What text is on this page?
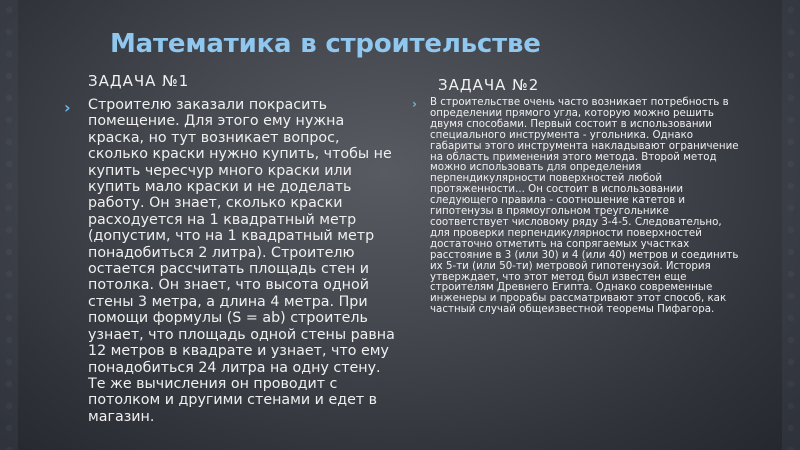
Математика в строительстве
ЗАДАЧА №1	ЗАДАЧА №2
›	Строителю заказали покрасить помещение. Для этого ему нужна краска, но тут возникает вопрос, сколько краски нужно купить, чтобы не купить чересчур много краски или купить мало краски и не доделать работу. Он знает, сколько краски расходуется на 1 квадратный метр (допустим, что на 1 квадратный метр понадобиться 2 литра). Строителю остается рассчитать площадь стен и потолка. Он знает, что высота одной стены 3 метра, а длина 4 метра. При помощи формулы (S = ab) строитель узнает, что площадь одной стены равна 12 метров в квадрате и узнает, что ему понадобиться 24 литра на одну стену. Те же вычисления он проводит с потолком и другими стенами и едет в магазин.

›	В строительстве очень часто возникает потребность в определении прямого угла, которую можно решить двумя способами. Первый состоит в использовании специального инструмента - угольника. Однако габариты этого инструмента накладывают ограничение на область применения этого метода. Второй метод можно использовать для определения перпендикулярности поверхностей любой протяженности... Он состоит в использовании следующего правила - соотношение катетов и гипотенузы в прямоугольном треугольнике соответствует числовому ряду 3-4-5. Следовательно, для проверки перпендикулярности поверхностей достаточно отметить на сопрягаемых участках расстояние в 3 (или 30) и 4 (или 40) метров и соединить их 5-ти (или 50-ти) метровой гипотенузой. История утверждает, что этот метод был известен еще строителям Древнего Египта. Однако современные инженеры и прорабы рассматривают этот способ, как частный случай общеизвестной теоремы Пифагора.
